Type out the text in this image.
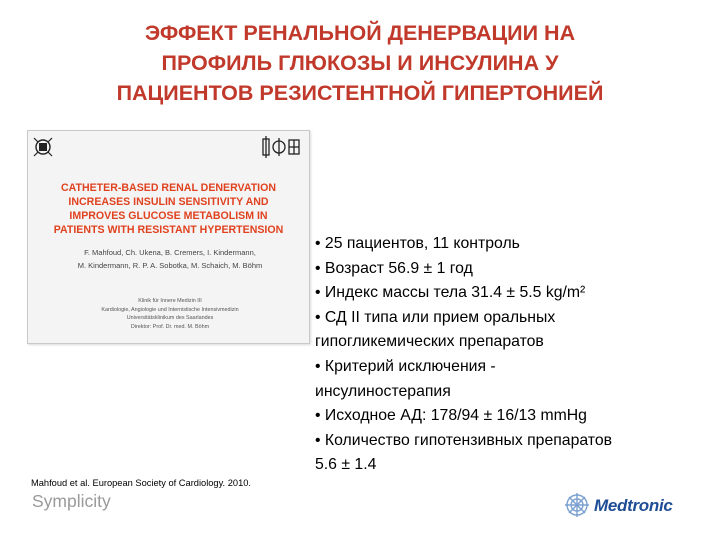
ЭФФЕКТ РЕНАЛЬНОЙ ДЕНЕРВАЦИИ НА
ПРОФИЛЬ ГЛЮКОЗЫ И ИНСУЛИНА У
ПАЦИЕНТОВ РЕЗИСТЕНТНОЙ ГИПЕРТОНИЕЙ
CATHETER-BASED RENAL DENERVATION
INCREASES INSULIN SENSITIVITY AND
IMPROVES GLUCOSE METABOLISM IN
PATIENTS WITH RESISTANT HYPERTENSION
F. Mahfoud, Ch. Ukena, B. Cremers, I. Kindermann,
M. Kindermann, R. P. A. Sobotka, M. Schaich, M. Böhm
Klinik für Innere Medizin III
Kardiologie, Angiologie und Internistische Intensivmedizin
Universitätsklinikum des Saarlandes
Direktor: Prof. Dr. med. M. Böhm
• 25 пациентов, 11 контроль
• Возраст 56.9 ± 1 год
• Индекс массы тела 31.4 ± 5.5 kg/m²
• СД II типа или прием оральных
гипогликемических препаратов
• Критерий исключения -
инсулиностерапия
• Исходное АД: 178/94 ± 16/13 mmHg
• Количество гипотензивных препаратов
5.6 ± 1.4
Mahfoud et al. European Society of Cardiology. 2010.
Symplicity	Medtronic
